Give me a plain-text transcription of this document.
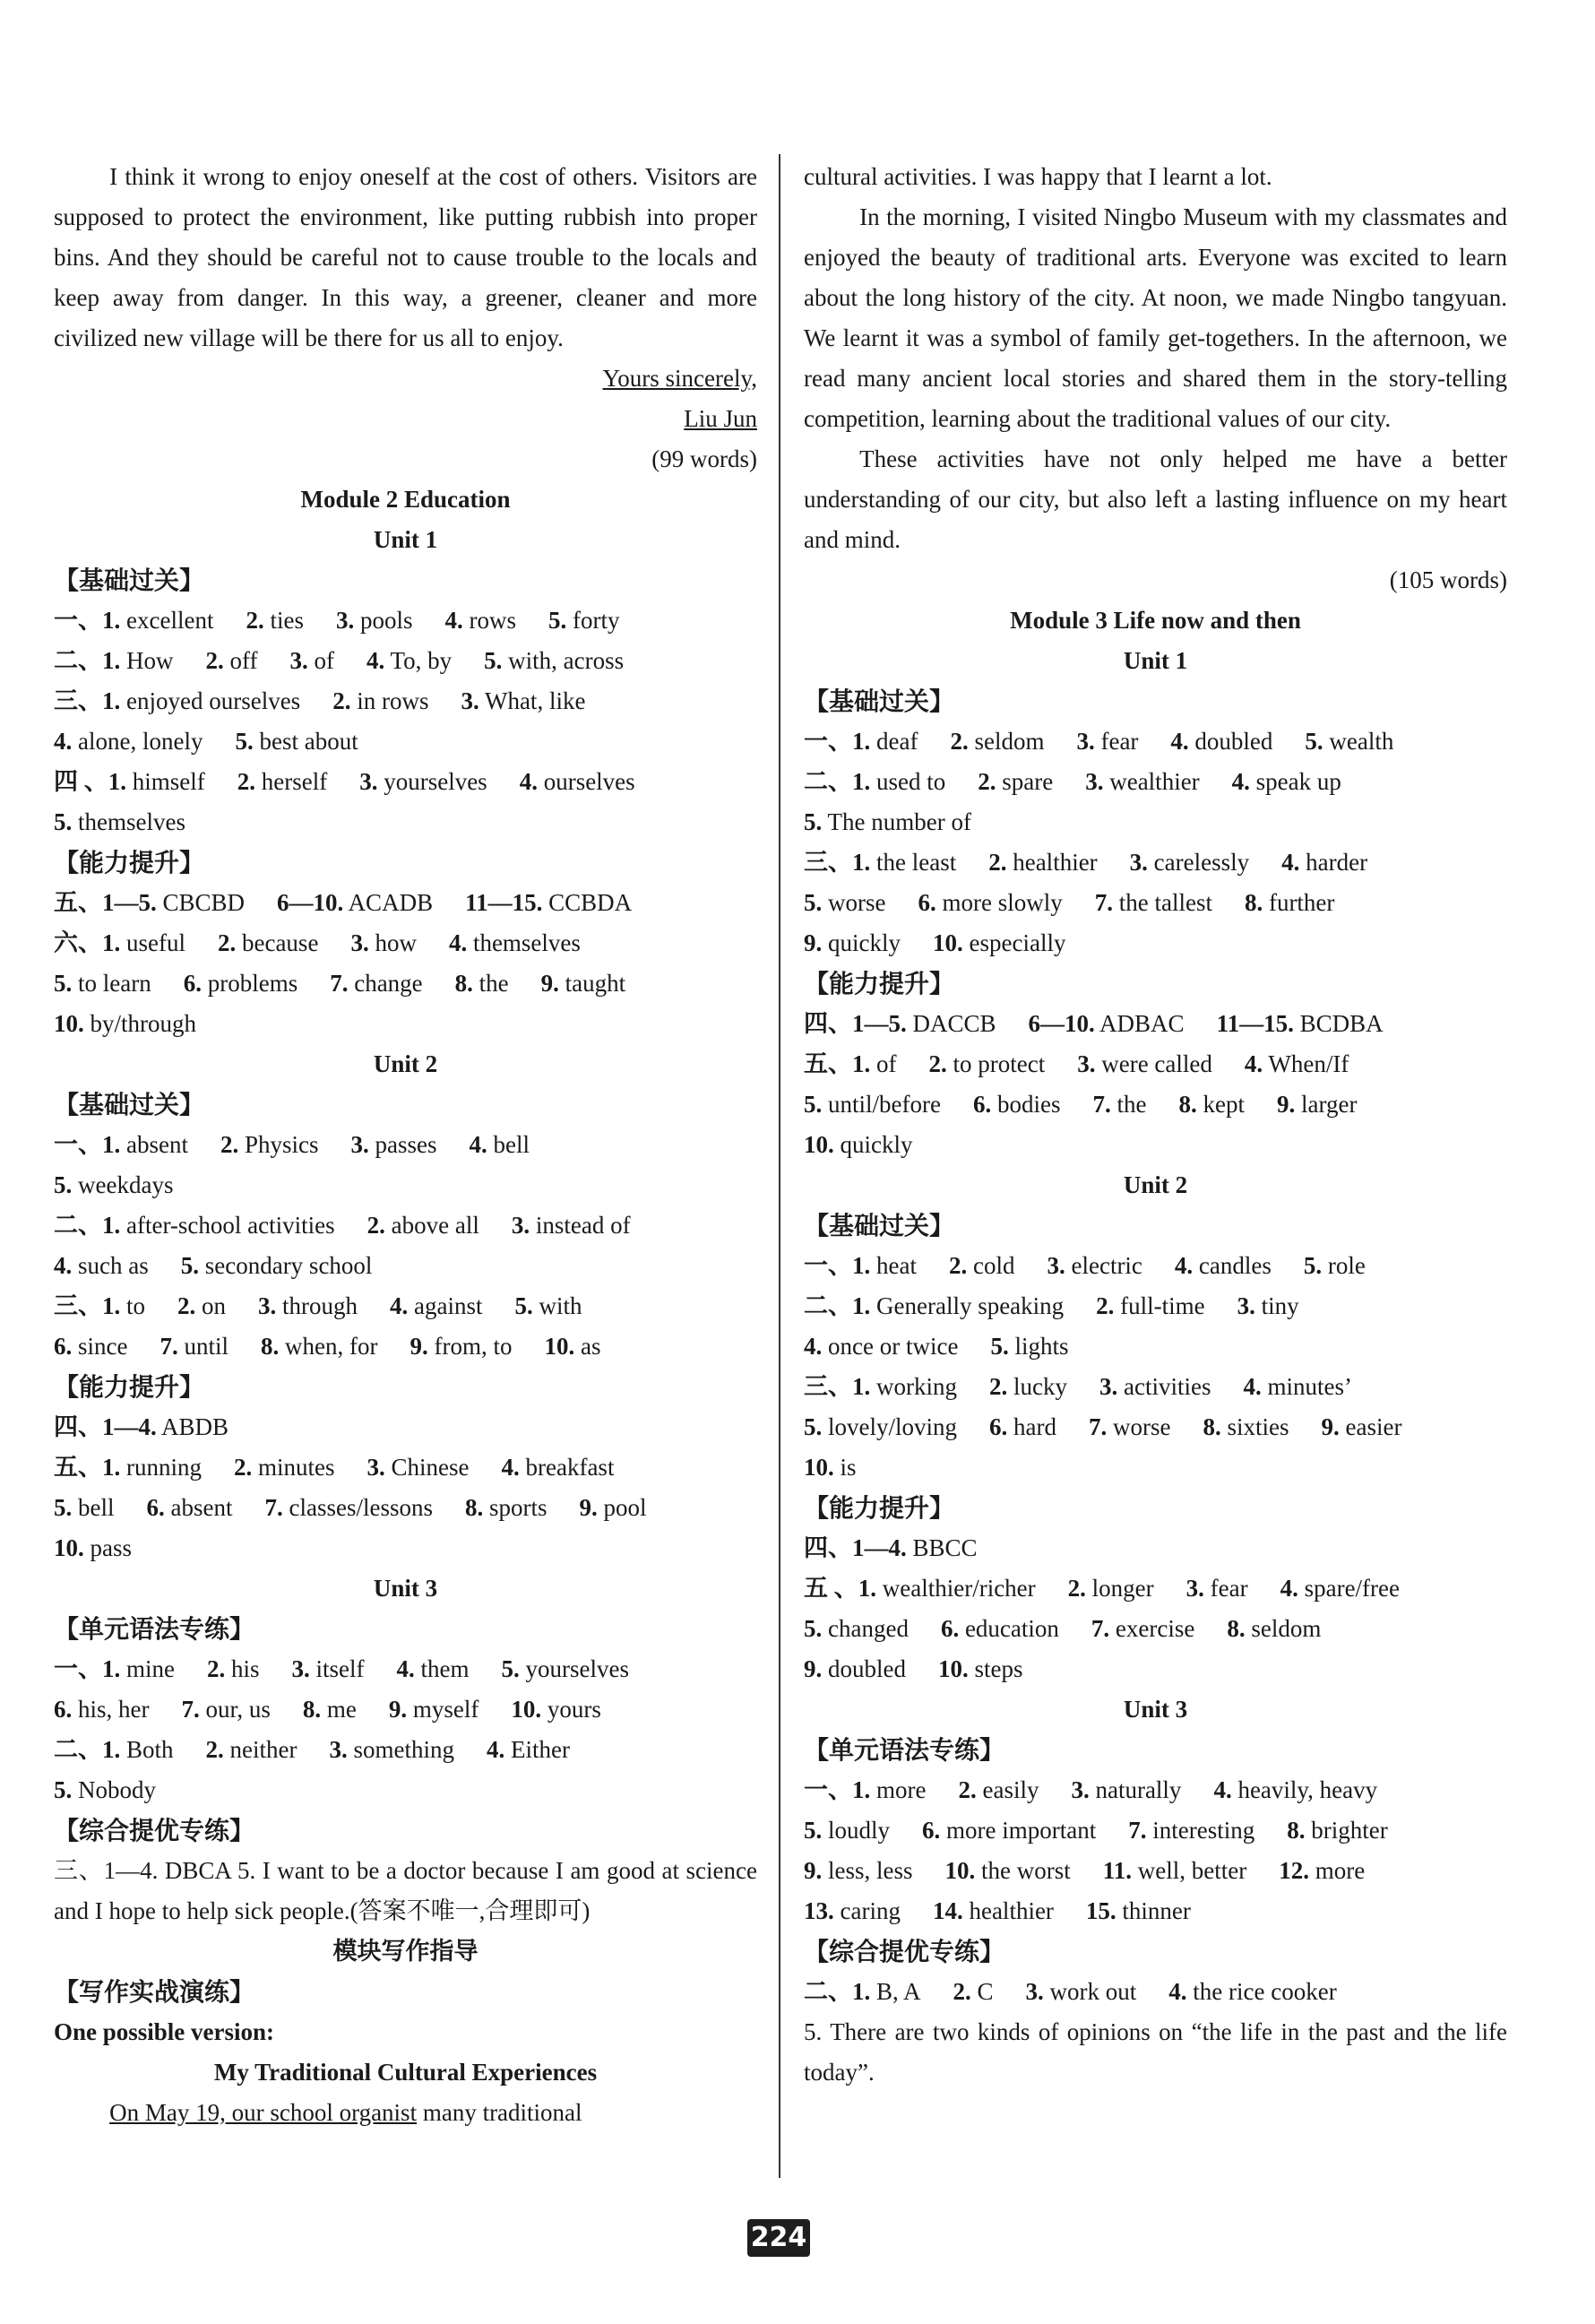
I think it wrong to enjoy oneself at the cost of others. Visitors are supposed to protect the environment, like putting rubbish into proper bins. And they should be careful not to cause trouble to the locals and keep away from danger. In this way, a greener, cleaner and more civilized new village will be there for us all to enjoy.
Yours sincerely,
Liu Jun
(99 words)
Module 2 Education
Unit 1
【基础过关】
一、1. excellent 2. ties 3. pools 4. rows 5. forty
二、1. How 2. off 3. of 4. To, by 5. with, across
三、1. enjoyed ourselves 2. in rows 3. What, like
4. alone, lonely 5. best about
四 、1. himself 2. herself 3. yourselves 4. ourselves
5. themselves
【能力提升】
五、1—5. CBCBD 6—10. ACADB 11—15. CCBDA
六、1. useful 2. because 3. how 4. themselves
5. to learn 6. problems 7. change 8. the 9. taught
10. by/through
Unit 2
【基础过关】
一、1. absent 2. Physics 3. passes 4. bell
5. weekdays
二、1. after-school activities 2. above all 3. instead of
4. such as 5. secondary school
三、1. to 2. on 3. through 4. against 5. with
6. since 7. until 8. when, for 9. from, to 10. as
【能力提升】
四、1—4. ABDB
五、1. running 2. minutes 3. Chinese 4. breakfast
5. bell 6. absent 7. classes/lessons 8. sports 9. pool
10. pass
Unit 3
【单元语法专练】
一、1. mine 2. his 3. itself 4. them 5. yourselves
6. his, her 7. our, us 8. me 9. myself 10. yours
二、1. Both 2. neither 3. something 4. Either
5. Nobody
【综合提优专练】
三、1—4. DBCA 5. I want to be a doctor because I am good at science and I hope to help sick people.(答案不唯一,合理即可)
模块写作指导
【写作实战演练】
One possible version:
My Traditional Cultural Experiences
On May 19, our school organist many traditional
cultural activities. I was happy that I learnt a lot.
In the morning, I visited Ningbo Museum with my classmates and enjoyed the beauty of traditional arts. Everyone was excited to learn about the long history of the city. At noon, we made Ningbo tangyuan. We learnt it was a symbol of family get-togethers. In the afternoon, we read many ancient local stories and shared them in the story-telling competition, learning about the traditional values of our city.
These activities have not only helped me have a better understanding of our city, but also left a lasting influence on my heart and mind.
(105 words)
Module 3 Life now and then
Unit 1
【基础过关】
一、1. deaf 2. seldom 3. fear 4. doubled 5. wealth
二、1. used to 2. spare 3. wealthier 4. speak up
5. The number of
三、1. the least 2. healthier 3. carelessly 4. harder
5. worse 6. more slowly 7. the tallest 8. further
9. quickly 10. especially
【能力提升】
四、1—5. DACCB 6—10. ADBAC 11—15. BCDBA
五、1. of 2. to protect 3. were called 4. When/If
5. until/before 6. bodies 7. the 8. kept 9. larger
10. quickly
Unit 2
【基础过关】
一、1. heat 2. cold 3. electric 4. candles 5. role
二、1. Generally speaking 2. full-time 3. tiny
4. once or twice 5. lights
三、1. working 2. lucky 3. activities 4. minutes’
5. lovely/loving 6. hard 7. worse 8. sixties 9. easier
10. is
【能力提升】
四、1—4. BBCC
五 、1. wealthier/richer 2. longer 3. fear 4. spare/free
5. changed 6. education 7. exercise 8. seldom
9. doubled 10. steps
Unit 3
【单元语法专练】
一、1. more 2. easily 3. naturally 4. heavily, heavy
5. loudly 6. more important 7. interesting 8. brighter
9. less, less 10. the worst 11. well, better 12. more
13. caring 14. healthier 15. thinner
【综合提优专练】
二、1. B, A 2. C 3. work out 4. the rice cooker
5. There are two kinds of opinions on “the life in the past and the life today”.
224
